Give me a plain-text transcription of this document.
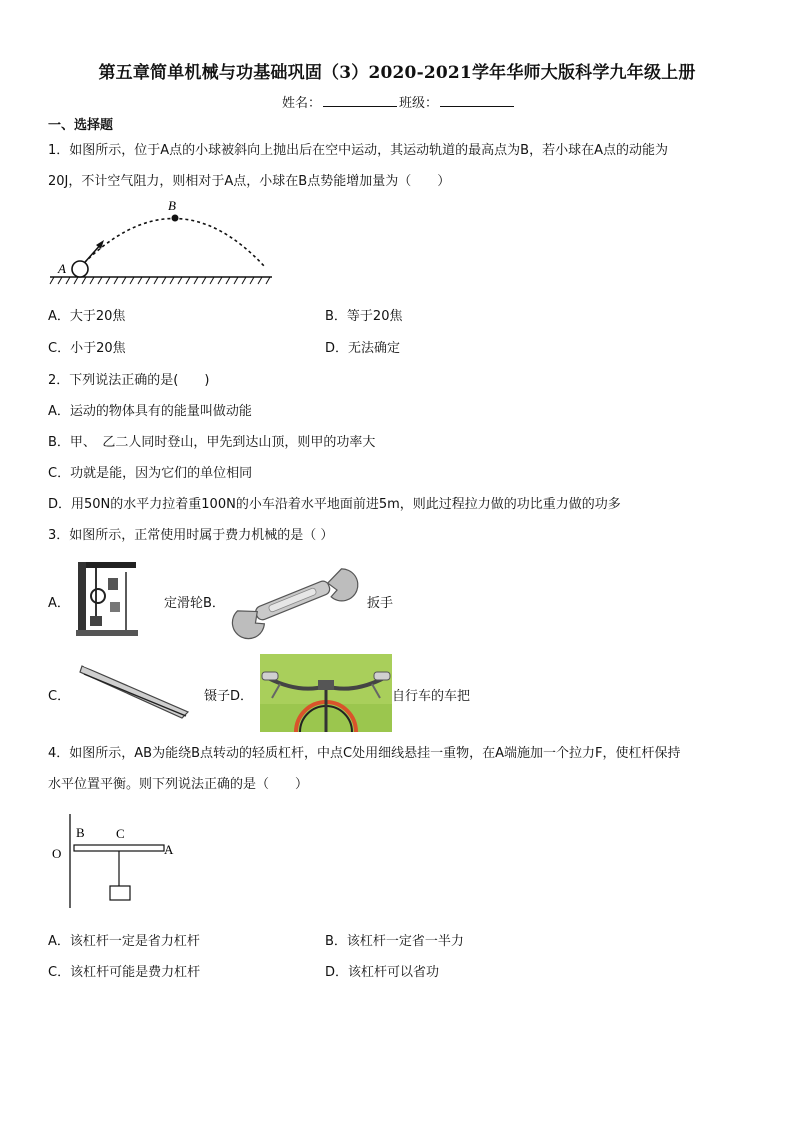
第五章简单机械与功基础巩固（3）2020-2021学年华师大版科学九年级上册
姓名：	班级：
一、选择题
1．如图所示，位于A点的小球被斜向上抛出后在空中运动，其运动轨道的最高点为B，若小球在A点的动能为
20J，不计空气阻力，则相对于A点，小球在B点势能增加量为（　　）
B
A
A．大于20焦	B．等于20焦
C．小于20焦	D．无法确定
2．下列说法正确的是(　　)
A．运动的物体具有的能量叫做动能
B．甲、　乙二人同时登山，甲先到达山顶，则甲的功率大
C．功就是能，因为它们的单位相同
D．用50N的水平力拉着重100N的小车沿着水平地面前进5m，则此过程拉力做的功比重力做的功多
3．如图所示，正常使用时属于费力机械的是（ ）
A．	定滑轮B．	扳手
C．	镊子D．	自行车的车把
4．如图所示，AB为能绕B点转动的轻质杠杆，中点C处用细线悬挂一重物，在A端施加一个拉力F，使杠杆保持
水平位置平衡。则下列说法正确的是（　　）
O
B C
A
A．该杠杆一定是省力杠杆	B．该杠杆一定省一半力
C．该杠杆可能是费力杠杆	D．该杠杆可以省功
